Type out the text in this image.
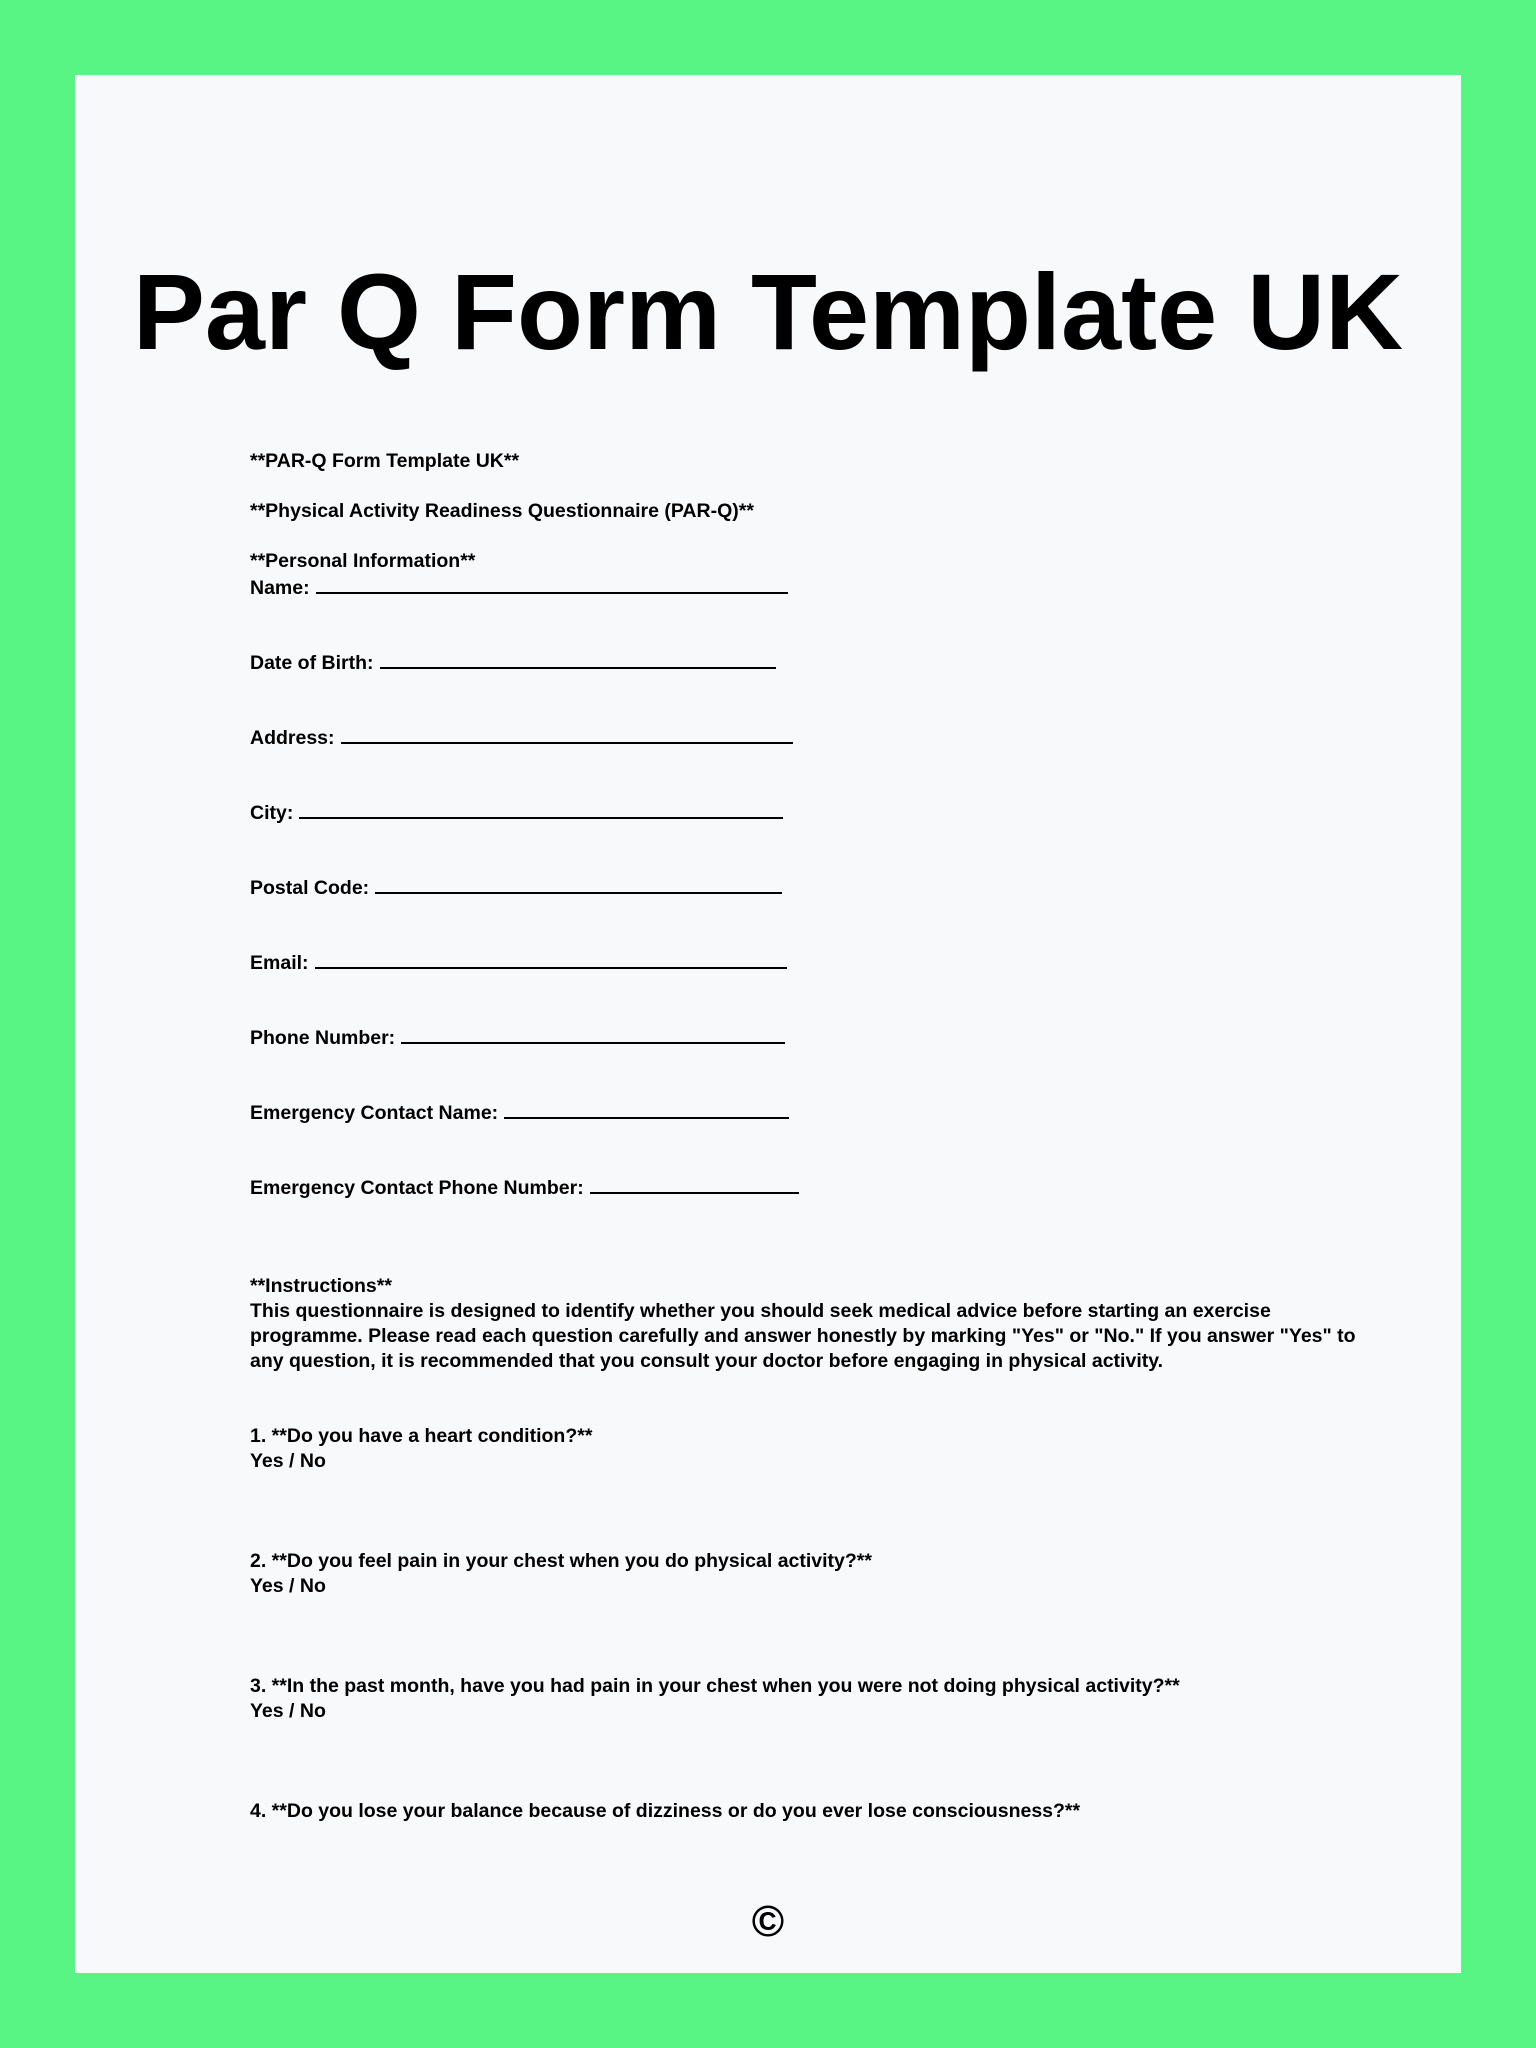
Par Q Form Template UK
**PAR-Q Form Template UK**
**Physical Activity Readiness Questionnaire (PAR-Q)**
**Personal Information**
Name:
Date of Birth:
Address:
City:
Postal Code:
Email:
Phone Number:
Emergency Contact Name:
Emergency Contact Phone Number:
**Instructions**
This questionnaire is designed to identify whether you should seek medical advice before starting an exercise programme. Please read each question carefully and answer honestly by marking "Yes" or "No." If you answer "Yes" to any question, it is recommended that you consult your doctor before engaging in physical activity.
1. **Do you have a heart condition?**
Yes / No
2. **Do you feel pain in your chest when you do physical activity?**
Yes / No
3. **In the past month, have you had pain in your chest when you were not doing physical activity?**
Yes / No
4. **Do you lose your balance because of dizziness or do you ever lose consciousness?**
©
